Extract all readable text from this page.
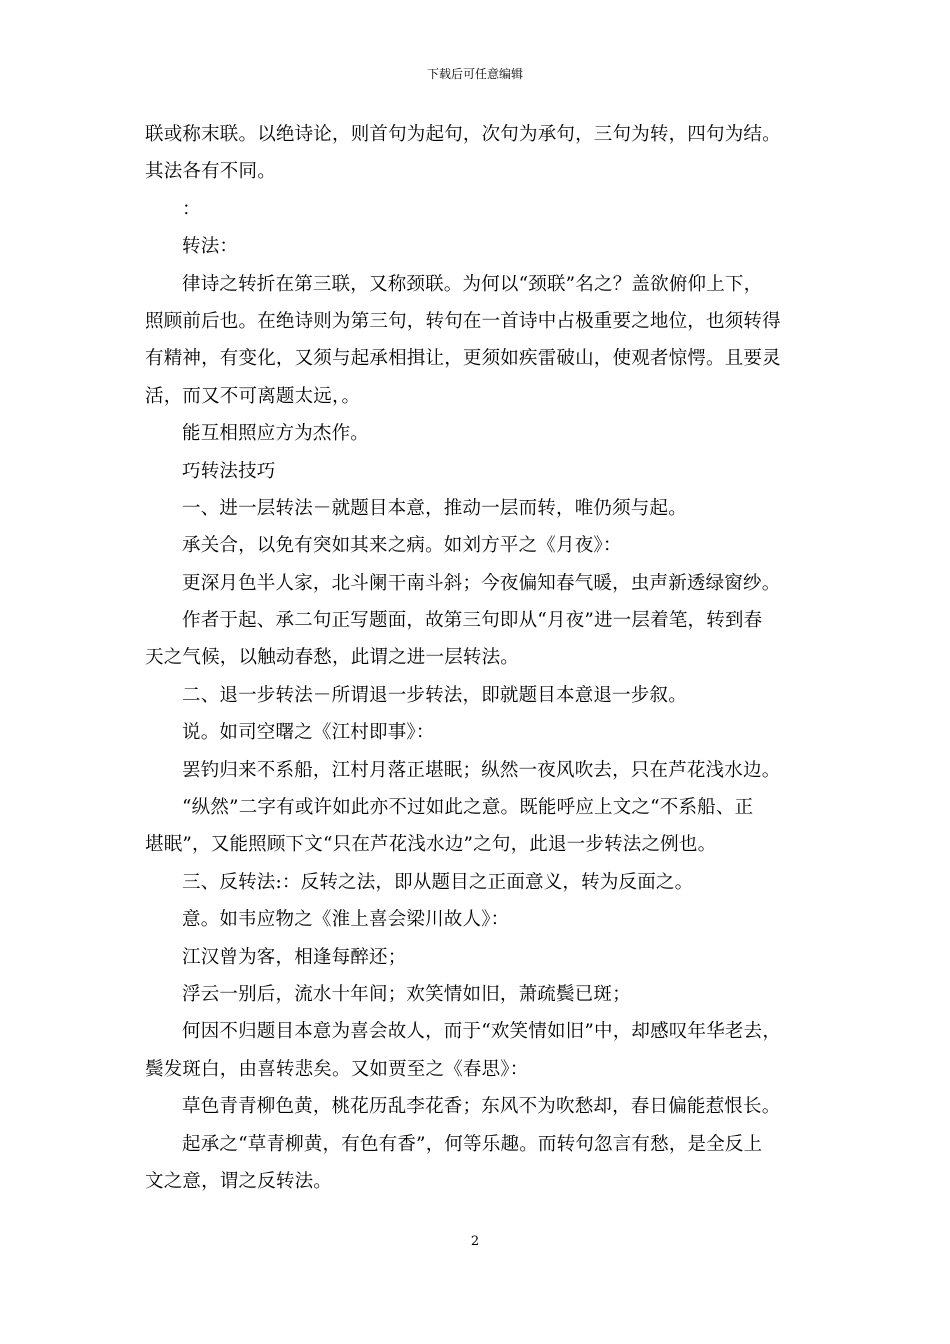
下载后可任意编辑
联或称末联。以绝诗论，则首句为起句，次句为承句，三句为转，四句为结。
其法各有不同。
：
转法：
律诗之转折在第三联，又称颈联。为何以“颈联”名之？盖欲俯仰上下，
照顾前后也。在绝诗则为第三句，转句在一首诗中占极重要之地位，也须转得
有精神，有变化，又须与起承相揖让，更须如疾雷破山，使观者惊愕。且要灵
活，而又不可离题太远，。
能互相照应方为杰作。
巧转法技巧
一、进一层转法－就题目本意，推动一层而转，唯仍须与起。
承关合，以免有突如其来之病。如刘方平之《月夜》：
更深月色半人家，北斗阑干南斗斜；今夜偏知春气暖，虫声新透绿窗纱。
作者于起、承二句正写题面，故第三句即从“月夜”进一层着笔，转到春
天之气候，以触动春愁，此谓之进一层转法。
二、退一步转法－所谓退一步转法，即就题目本意退一步叙。
说。如司空曙之《江村即事》：
罢钓归来不系船，江村月落正堪眠；纵然一夜风吹去，只在芦花浅水边。
“纵然”二字有或许如此亦不过如此之意。既能呼应上文之“不系船、正
堪眠”，又能照顾下文“只在芦花浅水边”之句，此退一步转法之例也。
三、反转法:：反转之法，即从题目之正面意义，转为反面之。
意。如韦应物之《淮上喜会梁川故人》：
江汉曾为客，相逢每醉还；
浮云一别后，流水十年间；欢笑情如旧，萧疏鬓已斑；
何因不归题目本意为喜会故人，而于“欢笑情如旧”中，却感叹年华老去，
鬓发斑白，由喜转悲矣。又如贾至之《春思》：
草色青青柳色黄，桃花历乱李花香；东风不为吹愁却，春日偏能惹恨长。
起承之“草青柳黄，有色有香”，何等乐趣。而转句忽言有愁，是全反上
文之意，谓之反转法。
2
